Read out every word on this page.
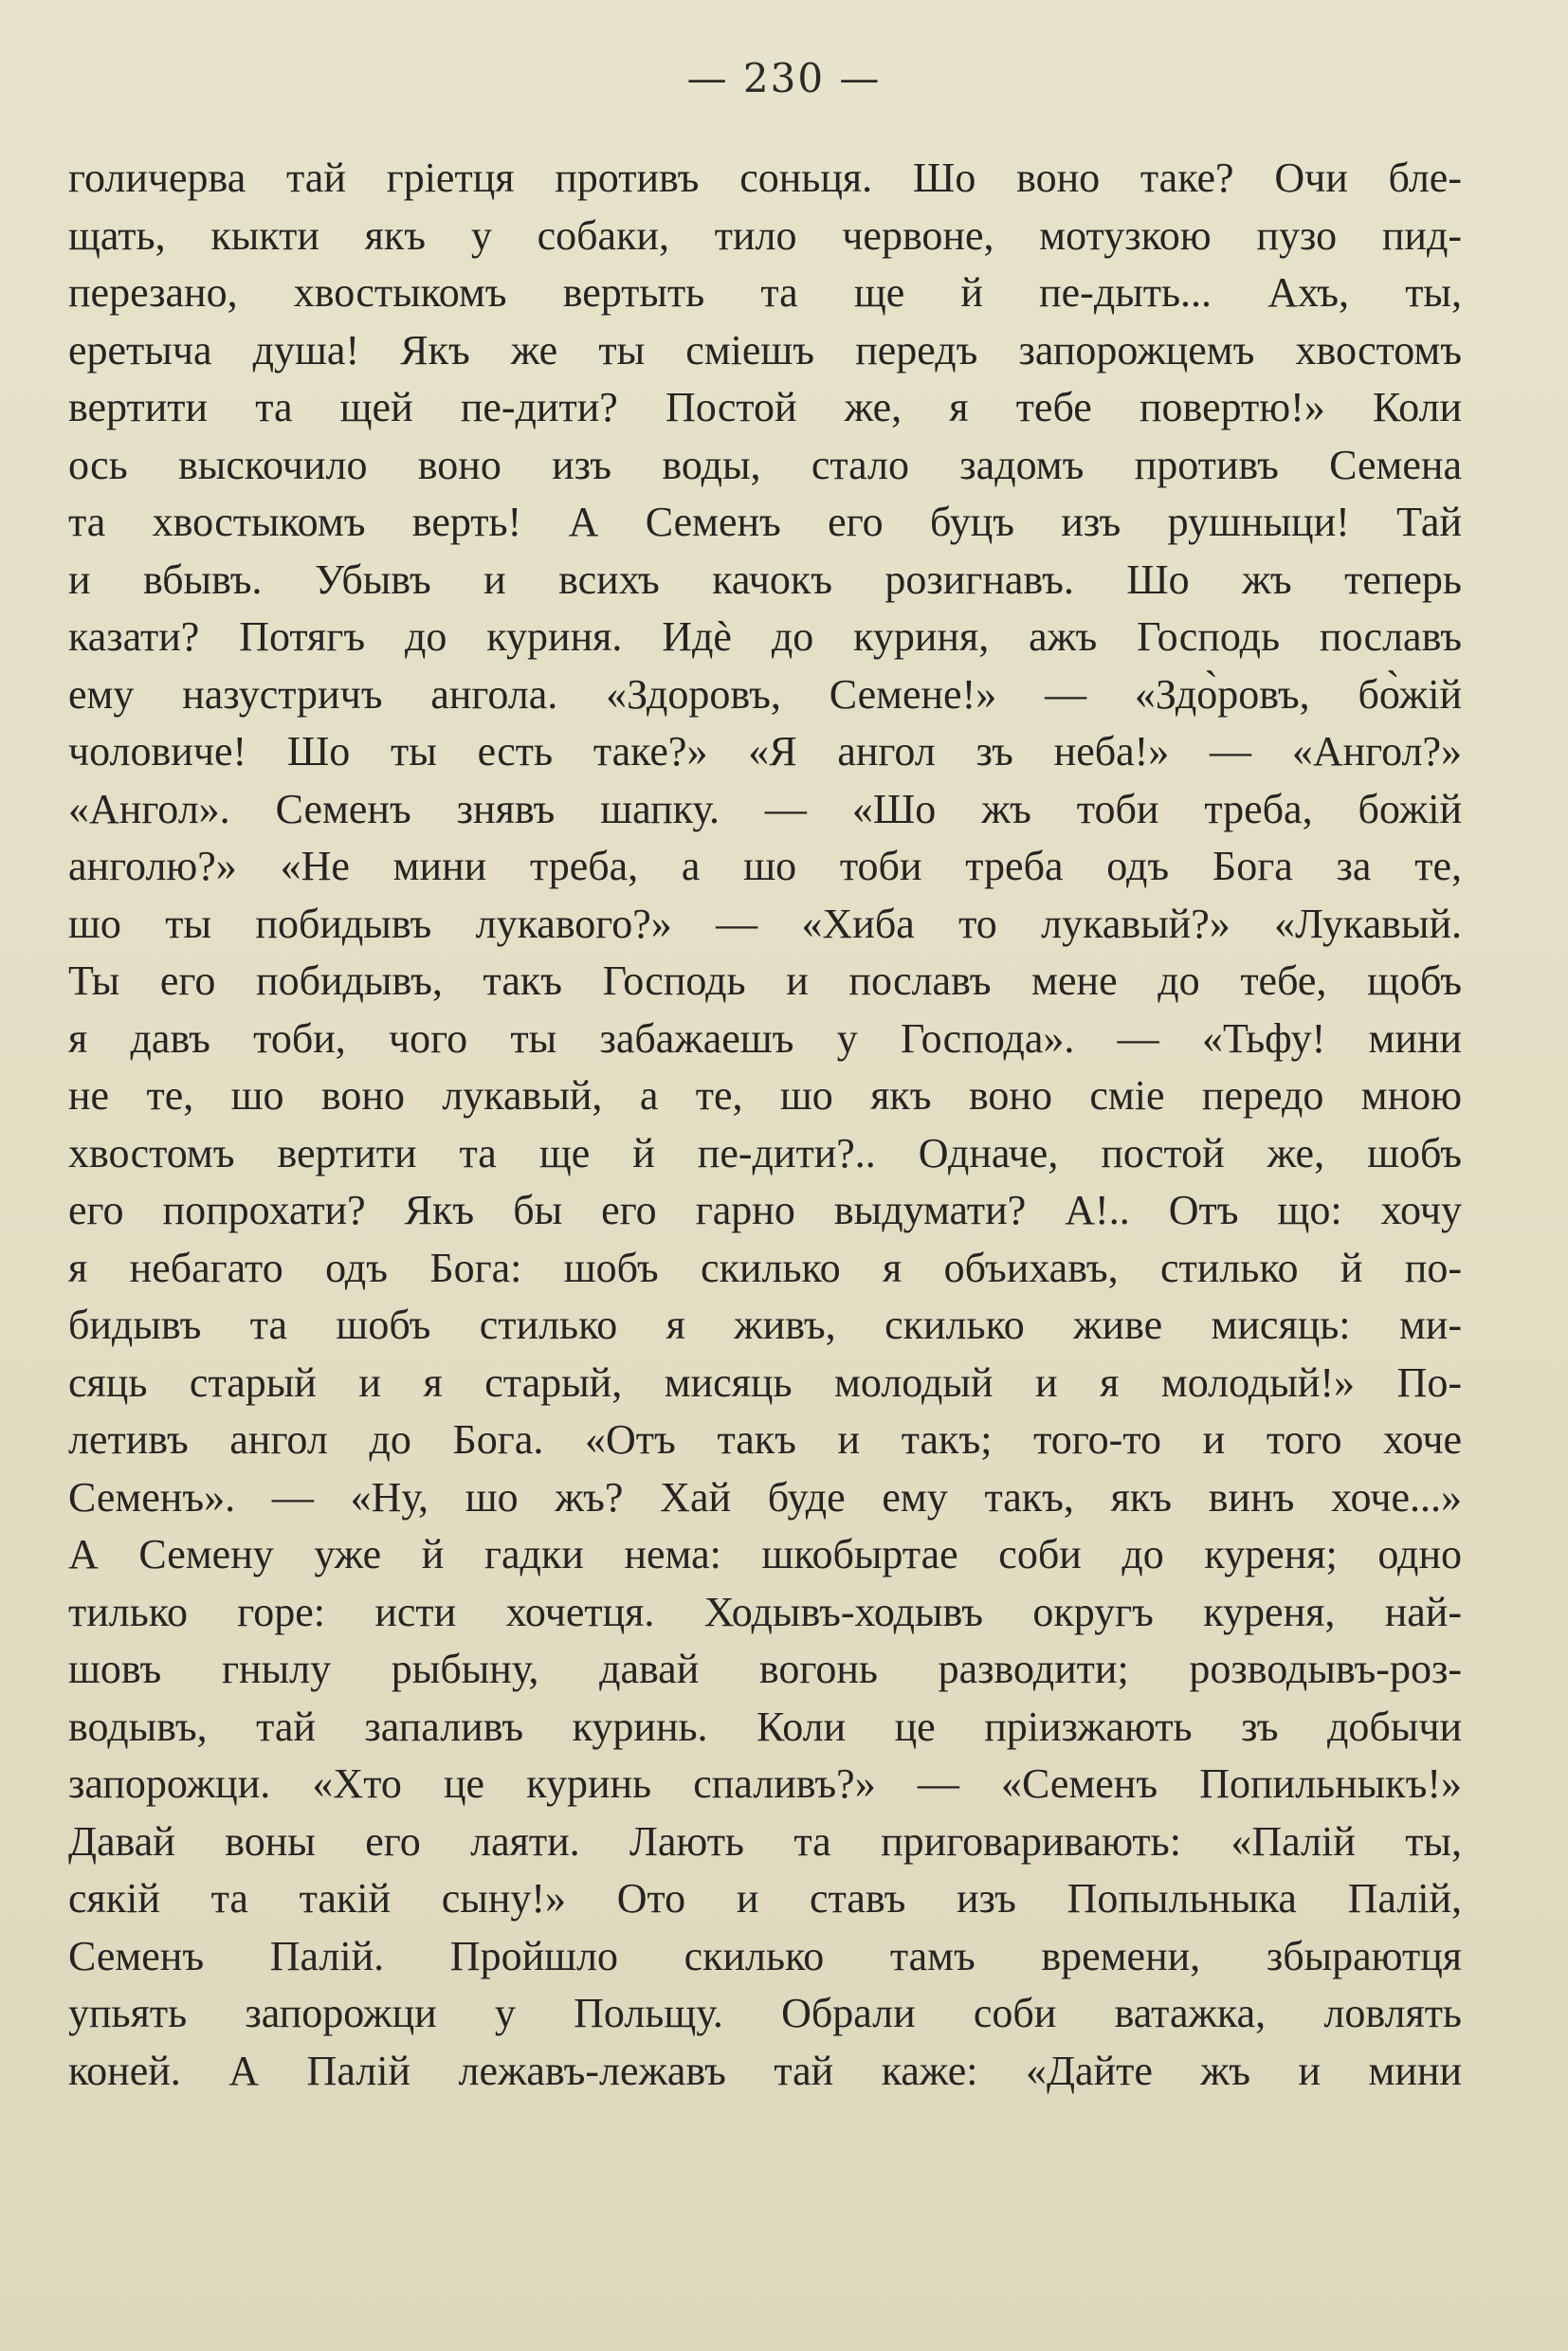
— 230 —
голичерва тай грiетця противъ соньця. Шо воно таке? Очи бле-
щать, кыкти якъ у собаки, тило червоне, мотузкою пузо пид-
перезано, хвостыкомъ вертыть та ще й пе-дыть... Ахъ, ты,
еретыча душа! Якъ же ты смiешъ передъ запорожцемъ хвостомъ
вертити та щей пе-дити? Постой же, я тебе повертю!» Коли
ось выскочило воно изъ воды, стало задомъ противъ Семена
та хвостыкомъ верть! А Семенъ его буцъ изъ рушныци! Тай
и вбывъ. Убывъ и всихъ качокъ розигнавъ. Шо жъ теперь
казати? Потягъ до куриня. Идѐ до куриня, ажъ Господь пославъ
ему назустричъ ангола. «Здоровъ, Семене!» — «Здо̀ровъ, бо̀жiй
чоловиче! Шо ты есть таке?» «Я ангол зъ неба!» — «Ангол?»
«Ангол». Семенъ знявъ шапку. — «Шо жъ тоби треба, божiй
анголю?» «Не мини треба, а шо тоби треба одъ Бога за те,
шо ты побидывъ лукавого?» — «Хиба то лукавый?» «Лукавый.
Ты его побидывъ, такъ Господь и пославъ мене до тебе, щобъ
я давъ тоби, чого ты забажаешъ у Господа». — «Тьфу! мини
не те, шо воно лукавый, а те, шо якъ воно смiе передо мною
хвостомъ вертити та ще й пе-дити?.. Одначе, постой же, шобъ
его попрохати? Якъ бы его гарно выдумати? А!.. Отъ що: хочу
я небагато одъ Бога: шобъ скилько я объихавъ, стилько й по-
бидывъ та шобъ стилько я живъ, скилько живе мисяць: ми-
сяць старый и я старый, мисяць молодый и я молодый!» По-
летивъ ангол до Бога. «Отъ такъ и такъ; того-то и того хоче
Семенъ». — «Ну, шо жъ? Хай буде ему такъ, якъ винъ хоче...»
А Семену уже й гадки нема: шкобыртае соби до куреня; одно
тилько горе: исти хочетця. Ходывъ-ходывъ округъ куреня, най-
шовъ гнылу рыбыну, давай вогонь разводити; розводывъ-роз-
водывъ, тай запаливъ куринь. Коли це прiизжають зъ добычи
запорожци. «Хто це куринь спаливъ?» — «Семенъ Попильныкъ!»
Давай воны его лаяти. Лають та приговаривають: «Палiй ты,
сякiй та такiй сыну!» Ото и ставъ изъ Попыльныка Палiй,
Семенъ Палiй. Пройшло скилько тамъ времени, збыраютця
упьять запорожци у Польщу. Обрали соби ватажка, ловлять
коней. А Палiй лежавъ-лежавъ тай каже: «Дайте жъ и мини
